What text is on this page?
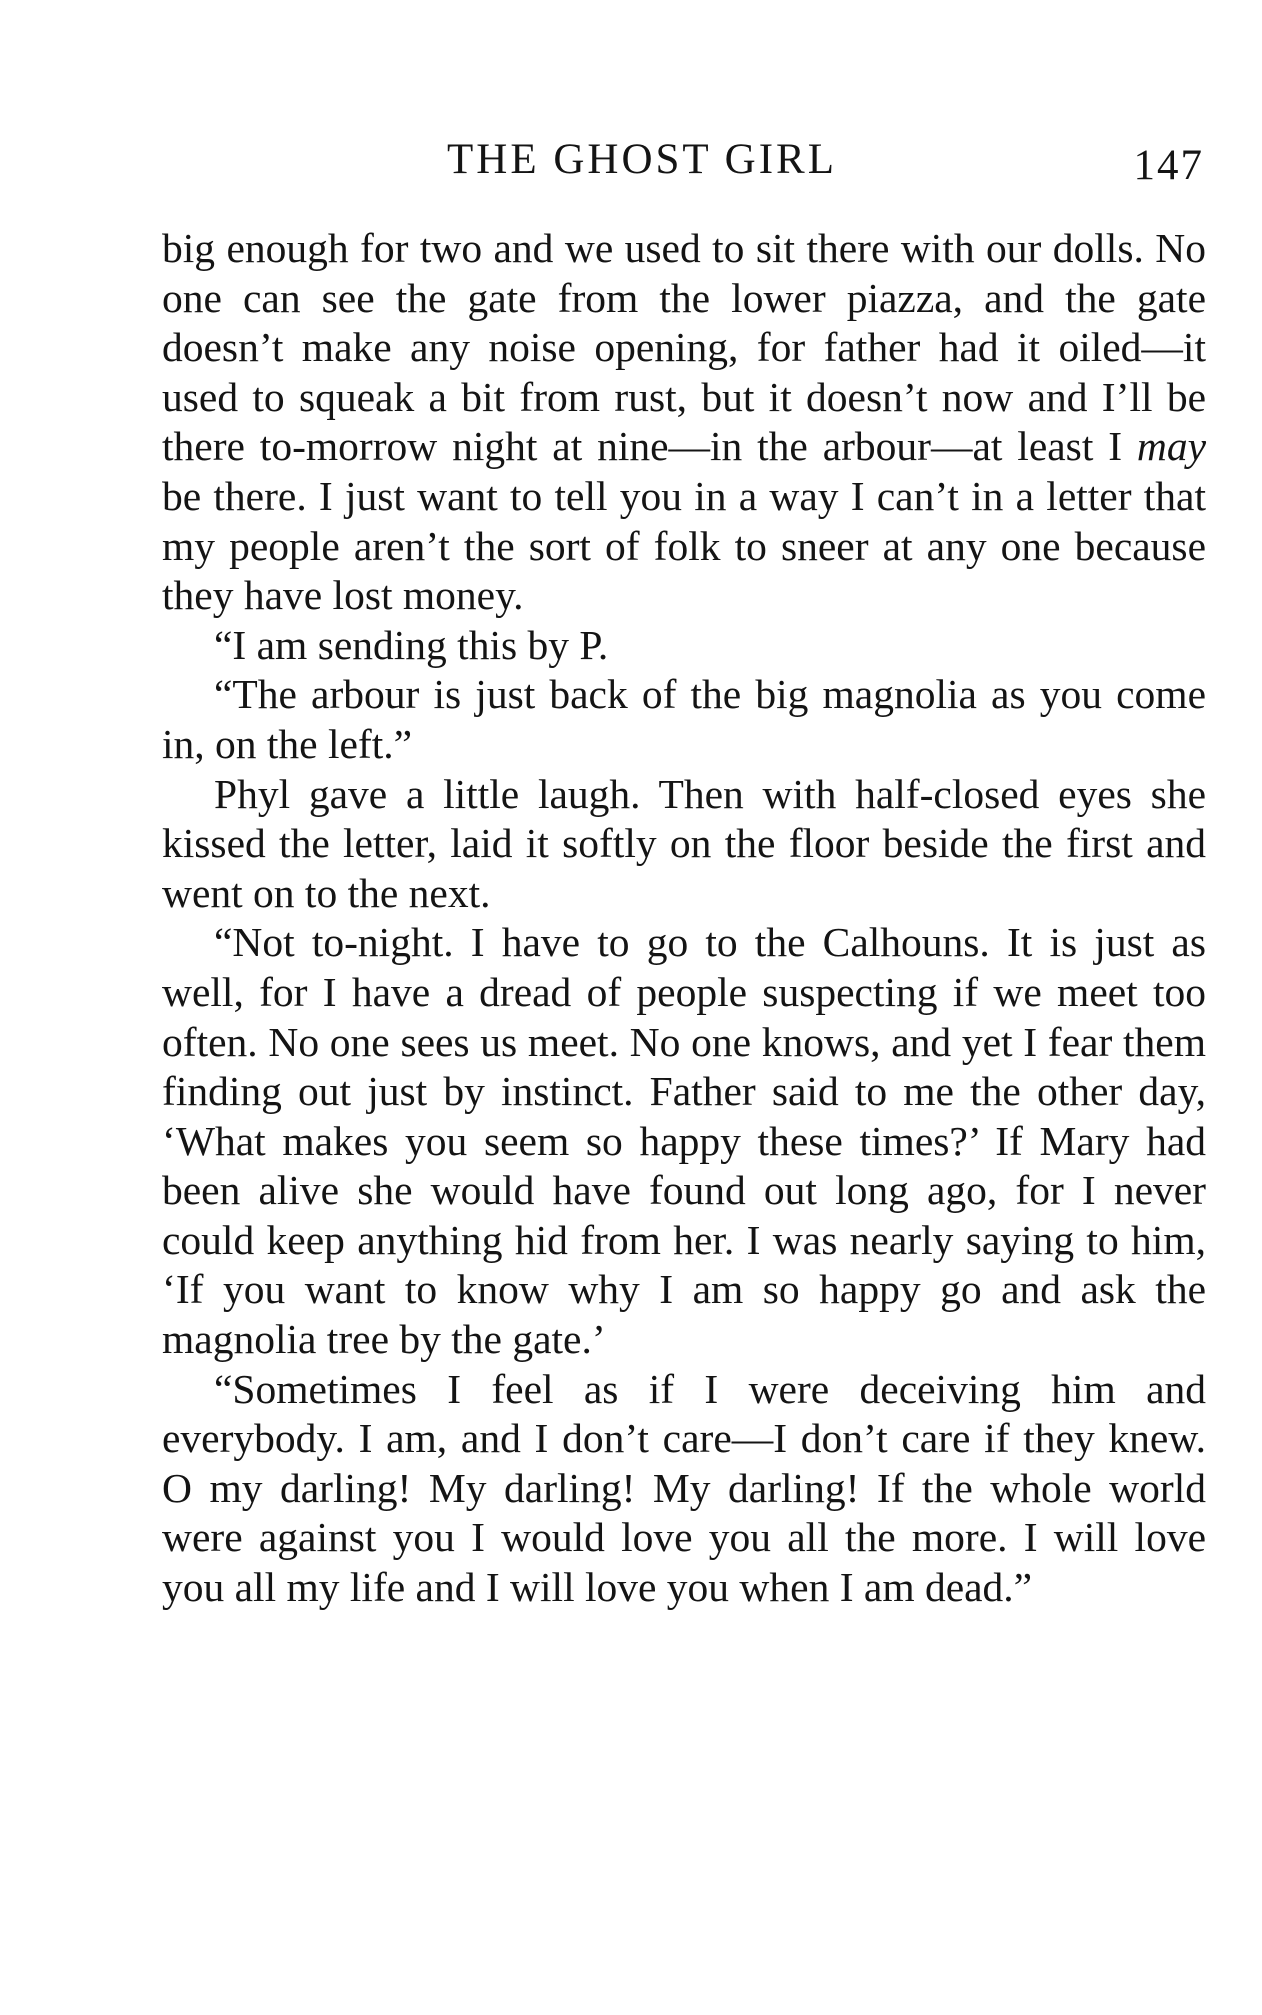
THE GHOST GIRL	147

big enough for two and we used to sit there with our dolls. No one can see the gate from the lower piazza, and the gate doesn’t make any noise opening, for father had it oiled—it used to squeak a bit from rust, but it doesn’t now and I’ll be there to-morrow night at nine—in the arbour—at least I may be there. I just want to tell you in a way I can’t in a letter that my people aren’t the sort of folk to sneer at any one because they have lost money.

“I am sending this by P.

“The arbour is just back of the big magnolia as you come in, on the left.”

Phyl gave a little laugh. Then with half-closed eyes she kissed the letter, laid it softly on the floor beside the first and went on to the next.

“Not to-night. I have to go to the Calhouns. It is just as well, for I have a dread of people suspecting if we meet too often. No one sees us meet. No one knows, and yet I fear them finding out just by instinct. Father said to me the other day, ‘What makes you seem so happy these times?’ If Mary had been alive she would have found out long ago, for I never could keep anything hid from her. I was nearly saying to him, ‘If you want to know why I am so happy go and ask the magnolia tree by the gate.’

“Sometimes I feel as if I were deceiving him and everybody. I am, and I don’t care—I don’t care if they knew. O my darling! My darling! My darling! If the whole world were against you I would love you all the more. I will love you all my life and I will love you when I am dead.”
